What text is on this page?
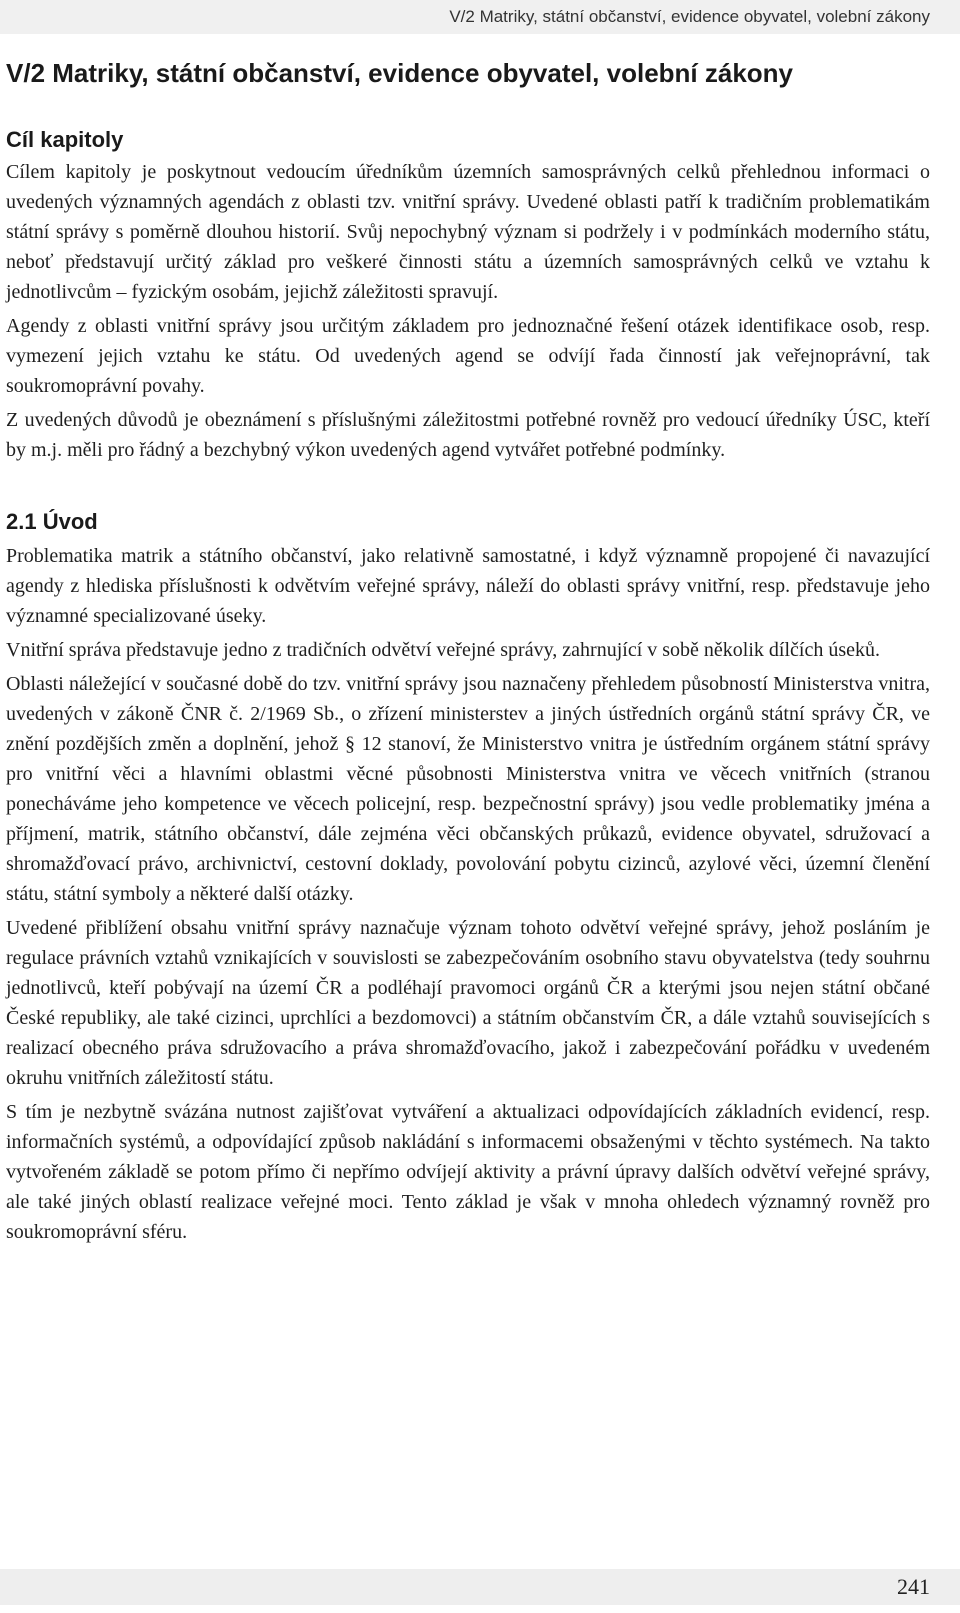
V/2 Matriky, státní občanství, evidence obyvatel, volební zákony
V/2 Matriky, státní občanství, evidence obyvatel, volební zákony
Cíl kapitoly

Cílem kapitoly je poskytnout vedoucím úředníkům územních samosprávných celků přehlednou informaci o uvedených významných agendách z oblasti tzv. vnitřní správy. Uvedené oblasti patří k tradičním problematikám státní správy s poměrně dlouhou historií. Svůj nepochybný význam si podržely i v podmínkách moderního státu, neboť představují určitý základ pro veškeré činnosti státu a územních samosprávných celků ve vztahu k jednotlivcům – fyzickým osobám, jejichž záležitosti spravují.

Agendy z oblasti vnitřní správy jsou určitým základem pro jednoznačné řešení otázek identifikace osob, resp. vymezení jejich vztahu ke státu. Od uvedených agend se odvíjí řada činností jak veřejnoprávní, tak soukromoprávní povahy.

Z uvedených důvodů je obeznámení s příslušnými záležitostmi potřebné rovněž pro vedoucí úředníky ÚSC, kteří by m.j. měli pro řádný a bezchybný výkon uvedených agend vytvářet potřebné podmínky.

2.1 Úvod

Problematika matrik a státního občanství, jako relativně samostatné, i když významně propojené či navazující agendy z hlediska příslušnosti k odvětvím veřejné správy, náleží do oblasti správy vnitřní, resp. představuje jeho významné specializované úseky.

Vnitřní správa představuje jedno z tradičních odvětví veřejné správy, zahrnující v sobě několik dílčích úseků.

Oblasti náležející v současné době do tzv. vnitřní správy jsou naznačeny přehledem působností Ministerstva vnitra, uvedených v zákoně ČNR č. 2/1969 Sb., o zřízení ministerstev a jiných ústředních orgánů státní správy ČR, ve znění pozdějších změn a doplnění, jehož § 12 stanoví, že Ministerstvo vnitra je ústředním orgánem státní správy pro vnitřní věci a hlavními oblastmi věcné působnosti Ministerstva vnitra ve věcech vnitřních (stranou ponecháváme jeho kompetence ve věcech policejní, resp. bezpečnostní správy) jsou vedle problematiky jména a příjmení, matrik, státního občanství, dále zejména věci občanských průkazů, evidence obyvatel, sdružovací a shromažďovací právo, archivnictví, cestovní doklady, povolování pobytu cizinců, azylové věci, územní členění státu, státní symboly a některé další otázky.

Uvedené přiblížení obsahu vnitřní správy naznačuje význam tohoto odvětví veřejné správy, jehož posláním je regulace právních vztahů vznikajících v souvislosti se zabezpečováním osobního stavu obyvatelstva (tedy souhrnu jednotlivců, kteří pobývají na území ČR a podléhají pravomoci orgánů ČR a kterými jsou nejen státní občané České republiky, ale také cizinci, uprchlíci a bezdomovci) a státním občanstvím ČR, a dále vztahů souvisejících s realizací obecného práva sdružovacího a práva shromažďovacího, jakož i zabezpečování pořádku v uvedeném okruhu vnitřních záležitostí státu.

S tím je nezbytně svázána nutnost zajišťovat vytváření a aktualizaci odpovídajících základních evidencí, resp. informačních systémů, a odpovídající způsob nakládání s informacemi obsaženými v těchto systémech. Na takto vytvořeném základě se potom přímo či nepřímo odvíjejí aktivity a právní úpravy dalších odvětví veřejné správy, ale také jiných oblastí realizace veřejné moci. Tento základ je však v mnoha ohledech významný rovněž pro soukromoprávní sféru.

241
